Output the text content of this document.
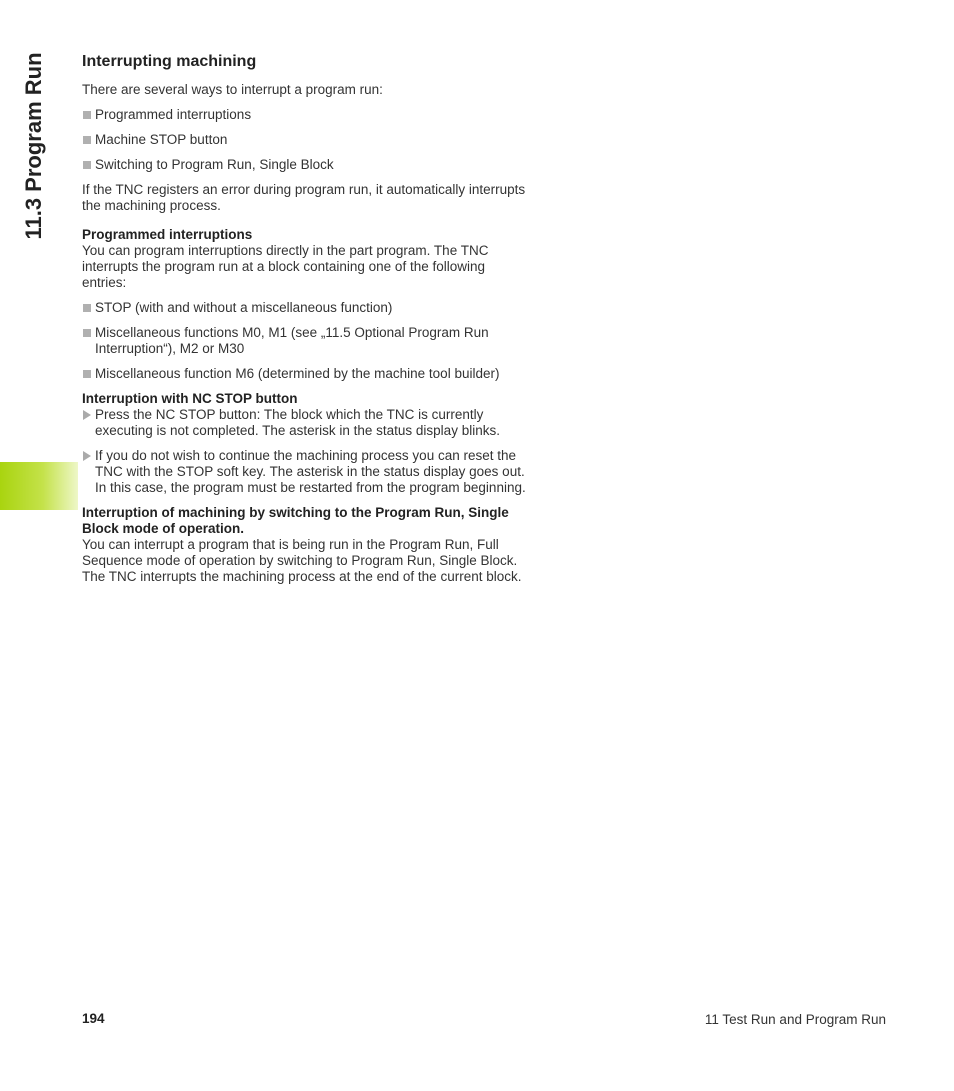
11.3 Program Run Interrupting machining

There are several ways to interrupt a program run:

Programmed interruptions
Machine STOP button
Switching to Program Run, Single Block

If the TNC registers an error during program run, it automatically interrupts the machining process.

Programmed interruptions

You can program interruptions directly in the part program. The TNC interrupts the program run at a block containing one of the following entries:

STOP (with and without a miscellaneous function)
Miscellaneous functions M0, M1 (see „11.5 Optional Program Run Interruption“), M2 or M30
Miscellaneous function M6 (determined by the machine tool builder)
Interruption with NC STOP button
Press the NC STOP button: The block which the TNC is currently executing is not completed. The asterisk in the status display blinks.
If you do not wish to continue the machining process you can reset the TNC with the STOP soft key. The asterisk in the status display goes out. In this case, the program must be restarted from the program beginning.
Interruption of machining by switching to the Program Run, Single Block mode of operation.

You can interrupt a program that is being run in the Program Run, Full Sequence mode of operation by switching to Program Run, Single Block. The TNC interrupts the machining process at the end of the current block.

194	11 Test Run and Program Run
